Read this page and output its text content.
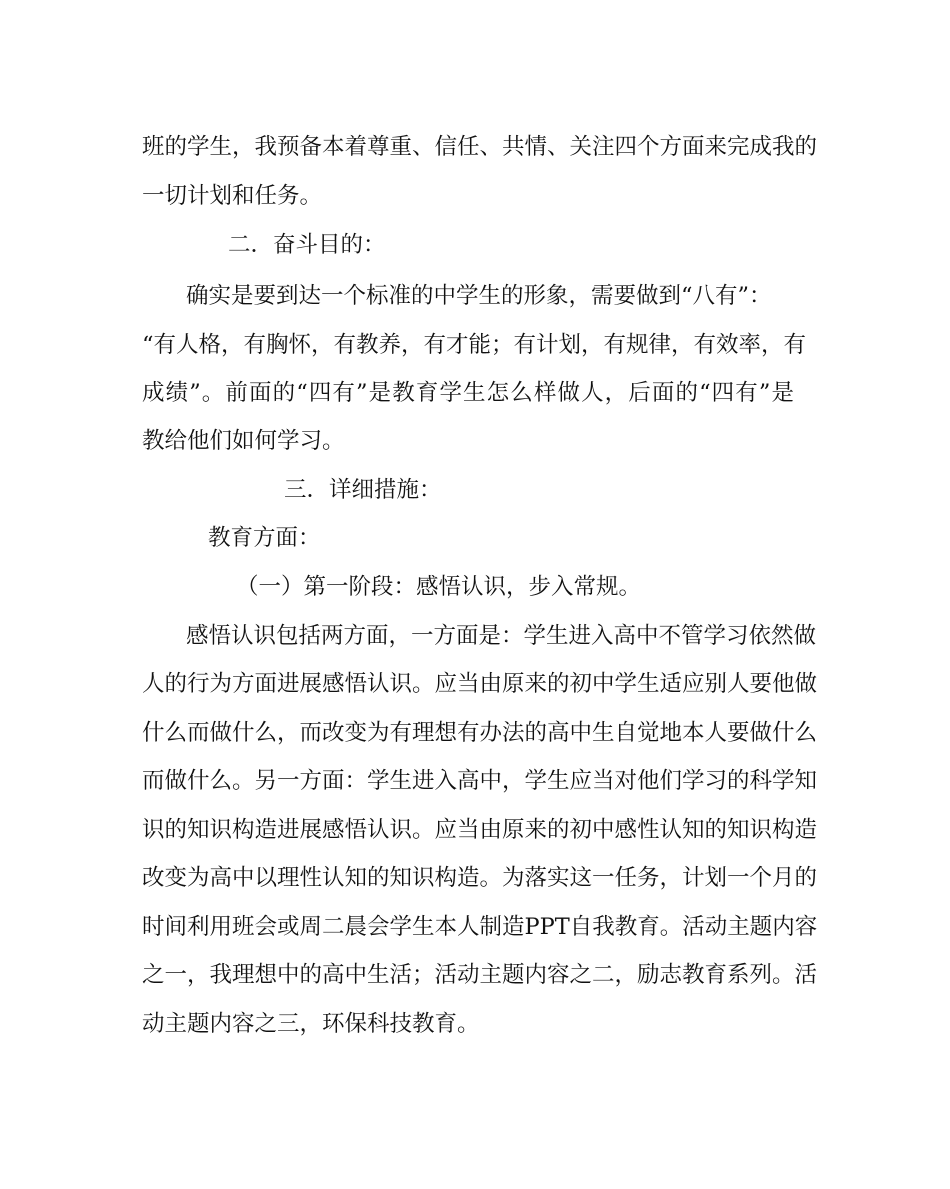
班的学生，我预备本着尊重、信任、共情、关注四个方面来完成我的
一切计划和任务。
二．奋斗目的：
确实是要到达一个标准的中学生的形象，需要做到“八有”：
“有人格，有胸怀，有教养，有才能；有计划，有规律，有效率，有
成绩”。前面的“四有”是教育学生怎么样做人，后面的“四有”是
教给他们如何学习。
三．详细措施：
教育方面：
（一）第一阶段：感悟认识，步入常规。
感悟认识包括两方面，一方面是：学生进入高中不管学习依然做
人的行为方面进展感悟认识。应当由原来的初中学生适应别人要他做
什么而做什么，而改变为有理想有办法的高中生自觉地本人要做什么
而做什么。另一方面：学生进入高中，学生应当对他们学习的科学知
识的知识构造进展感悟认识。应当由原来的初中感性认知的知识构造
改变为高中以理性认知的知识构造。为落实这一任务，计划一个月的
时间利用班会或周二晨会学生本人制造PPT自我教育。活动主题内容
之一，我理想中的高中生活；活动主题内容之二，励志教育系列。活
动主题内容之三，环保科技教育。
